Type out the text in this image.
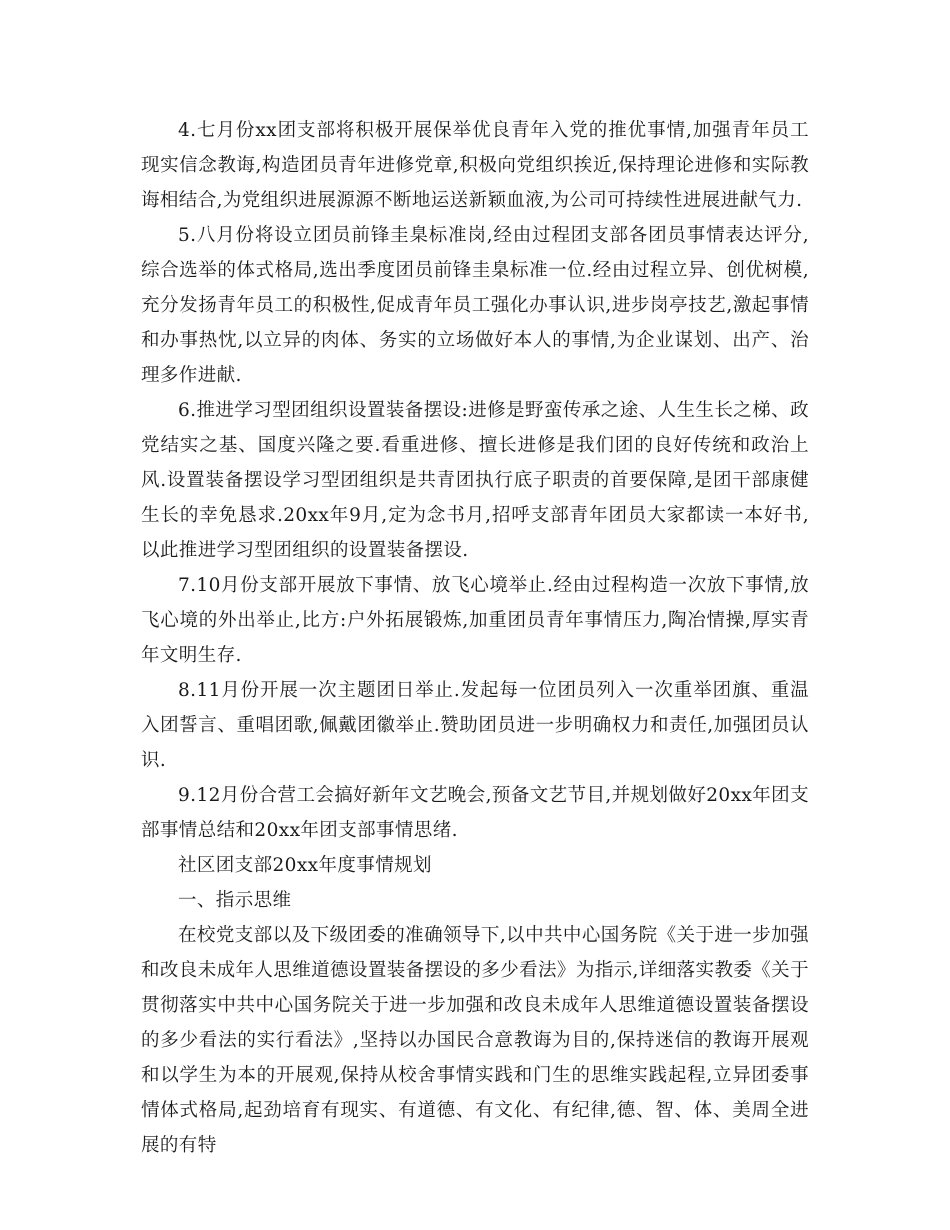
4.七月份xx团支部将积极开展保举优良青年入党的推优事情,加强青年员工现实信念教诲,构造团员青年进修党章,积极向党组织挨近,保持理论进修和实际教诲相结合,为党组织进展源源不断地运送新颖血液,为公司可持续性进展进献气力.

5.八月份将设立团员前锋圭臬标准岗,经由过程团支部各团员事情表达评分,综合选举的体式格局,选出季度团员前锋圭臬标准一位.经由过程立异、创优树模,充分发扬青年员工的积极性,促成青年员工强化办事认识,进步岗亭技艺,激起事情和办事热忱,以立异的肉体、务实的立场做好本人的事情,为企业谋划、出产、治理多作进献.

6.推进学习型团组织设置装备摆设:进修是野蛮传承之途、人生生长之梯、政党结实之基、国度兴隆之要.看重进修、擅长进修是我们团的良好传统和政治上风.设置装备摆设学习型团组织是共青团执行底子职责的首要保障,是团干部康健生长的幸免恳求.20xx年9月,定为念书月,招呼支部青年团员大家都读一本好书,以此推进学习型团组织的设置装备摆设.

7.10月份支部开展放下事情、放飞心境举止.经由过程构造一次放下事情,放飞心境的外出举止,比方:户外拓展锻炼,加重团员青年事情压力,陶冶情操,厚实青年文明生存.

8.11月份开展一次主题团日举止.发起每一位团员列入一次重举团旗、重温入团誓言、重唱团歌,佩戴团徽举止.赞助团员进一步明确权力和责任,加强团员认识.

9.12月份合营工会搞好新年文艺晚会,预备文艺节目,并规划做好20xx年团支部事情总结和20xx年团支部事情思绪.

社区团支部20xx年度事情规划

一、指示思维

在校党支部以及下级团委的准确领导下,以中共中心国务院《关于进一步加强和改良未成年人思维道德设置装备摆设的多少看法》为指示,详细落实教委《关于贯彻落实中共中心国务院关于进一步加强和改良未成年人思维道德设置装备摆设的多少看法的实行看法》,坚持以办国民合意教诲为目的,保持迷信的教诲开展观和以学生为本的开展观,保持从校舍事情实践和门生的思维实践起程,立异团委事情体式格局,起劲培育有现实、有道德、有文化、有纪律,德、智、体、美周全进展的有特
